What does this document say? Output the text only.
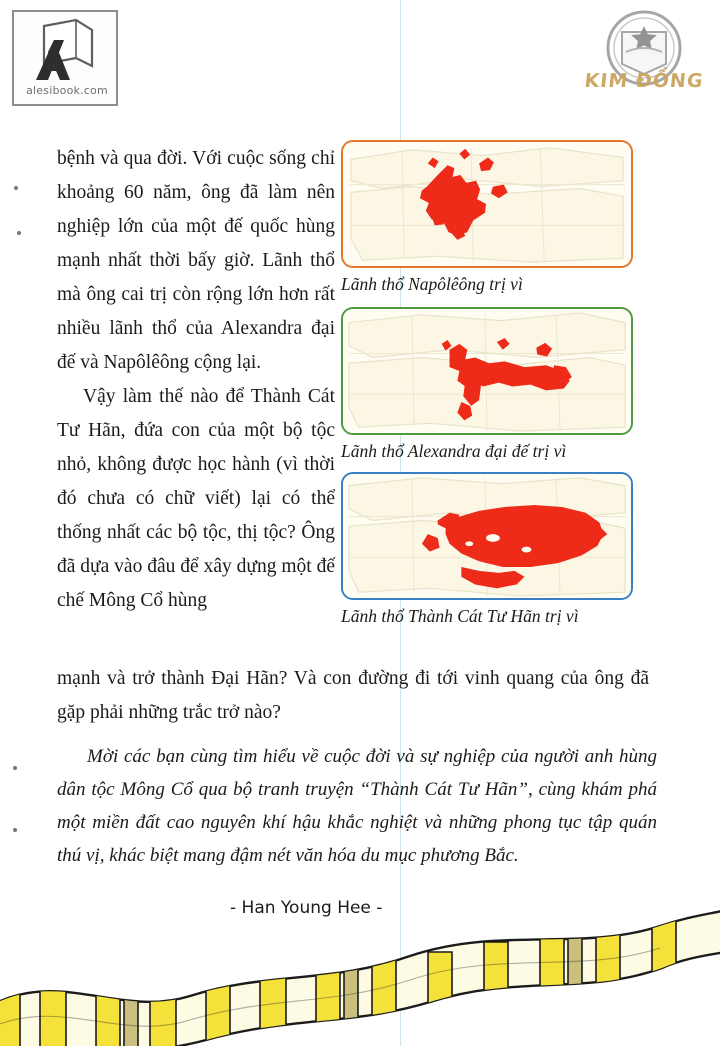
alesibook.com	KIM ĐỒNG

bệnh và qua đời. Với cuộc sống chỉ khoảng 60 năm, ông đã làm nên nghiệp lớn của một đế quốc hùng mạnh nhất thời bấy giờ. Lãnh thổ mà ông cai trị còn rộng lớn hơn rất nhiều lãnh thổ của Alexandra đại đế và Napôlêông cộng lại.

Vậy làm thế nào để Thành Cát Tư Hãn, đứa con của một bộ tộc nhỏ, không được học hành (vì thời đó chưa có chữ viết) lại có thể thống nhất các bộ tộc, thị tộc? Ông đã dựa vào đâu để xây dựng một đế chế Mông Cổ hùng

mạnh và trở thành Đại Hãn? Và con đường đi tới vinh quang của ông đã gặp phải những trắc trở nào?

Mời các bạn cùng tìm hiểu về cuộc đời và sự nghiệp của người anh hùng dân tộc Mông Cổ qua bộ tranh truyện “Thành Cát Tư Hãn”, cùng khám phá một miền đất cao nguyên khí hậu khắc nghiệt và những phong tục tập quán thú vị, khác biệt mang đậm nét văn hóa du mục phương Bắc.

- Han Young Hee -
Lãnh thổ Napôlêông trị vì
Lãnh thổ Alexandra đại đế trị vì
Lãnh thổ Thành Cát Tư Hãn trị vì
